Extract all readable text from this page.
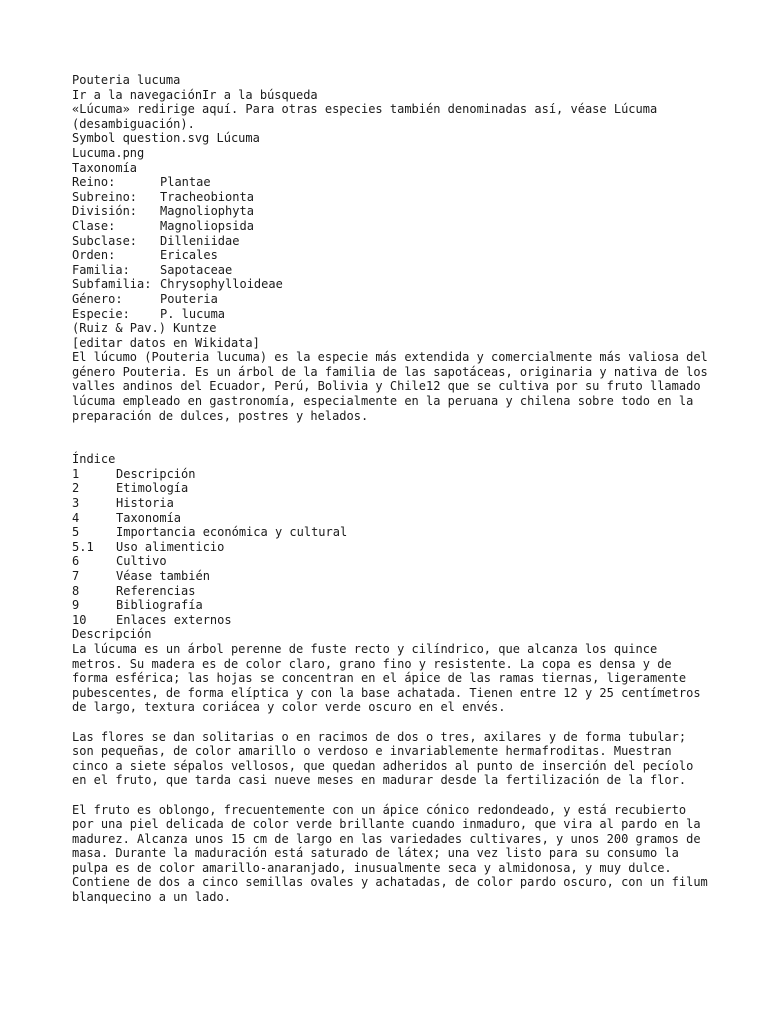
Pouteria lucuma
Ir a la navegaciónIr a la búsqueda
«Lúcuma» redirige aquí. Para otras especies también denominadas así, véase Lúcuma (desambiguación).
Symbol question.svg Lúcuma
Lucuma.png
Taxonomía
Reino:	Plantae
Subreino:	Tracheobionta
División:	Magnoliophyta
Clase:	Magnoliopsida
Subclase:	Dilleniidae
Orden:	Ericales
Familia:	Sapotaceae
Subfamilia: Chrysophylloideae
Género:	Pouteria
Especie:	P. lucuma
(Ruiz & Pav.) Kuntze
[editar datos en Wikidata]
El lúcumo (Pouteria lucuma) es la especie más extendida y comercialmente más valiosa del género Pouteria. Es un árbol de la familia de las sapotáceas, originaria y nativa de los valles andinos del Ecuador, Perú, Bolivia y Chile12 que se cultiva por su fruto llamado lúcuma empleado en gastronomía, especialmente en la peruana y chilena sobre todo en la preparación de dulces, postres y helados.
Índice
1	Descripción
2	Etimología
3	Historia
4	Taxonomía
5	Importancia económica y cultural
5.1	Uso alimenticio
6	Cultivo
7	Véase también
8	Referencias
9	Bibliografía
10	Enlaces externos
Descripción
La lúcuma es un árbol perenne de fuste recto y cilíndrico, que alcanza los quince metros. Su madera es de color claro, grano fino y resistente. La copa es densa y de forma esférica; las hojas se concentran en el ápice de las ramas tiernas, ligeramente pubescentes, de forma elíptica y con la base achatada. Tienen entre 12 y 25 centímetros de largo, textura coriácea y color verde oscuro en el envés.
Las flores se dan solitarias o en racimos de dos o tres, axilares y de forma tubular; son pequeñas, de color amarillo o verdoso e invariablemente hermafroditas. Muestran cinco a siete sépalos vellosos, que quedan adheridos al punto de inserción del pecíolo en el fruto, que tarda casi nueve meses en madurar desde la fertilización de la flor.
El fruto es oblongo, frecuentemente con un ápice cónico redondeado, y está recubierto por una piel delicada de color verde brillante cuando inmaduro, que vira al pardo en la madurez. Alcanza unos 15 cm de largo en las variedades cultivares, y unos 200 gramos de masa. Durante la maduración está saturado de látex; una vez listo para su consumo la pulpa es de color amarillo-anaranjado, inusualmente seca y almidonosa, y muy dulce. Contiene de dos a cinco semillas ovales y achatadas, de color pardo oscuro, con un filum blanquecino a un lado.
